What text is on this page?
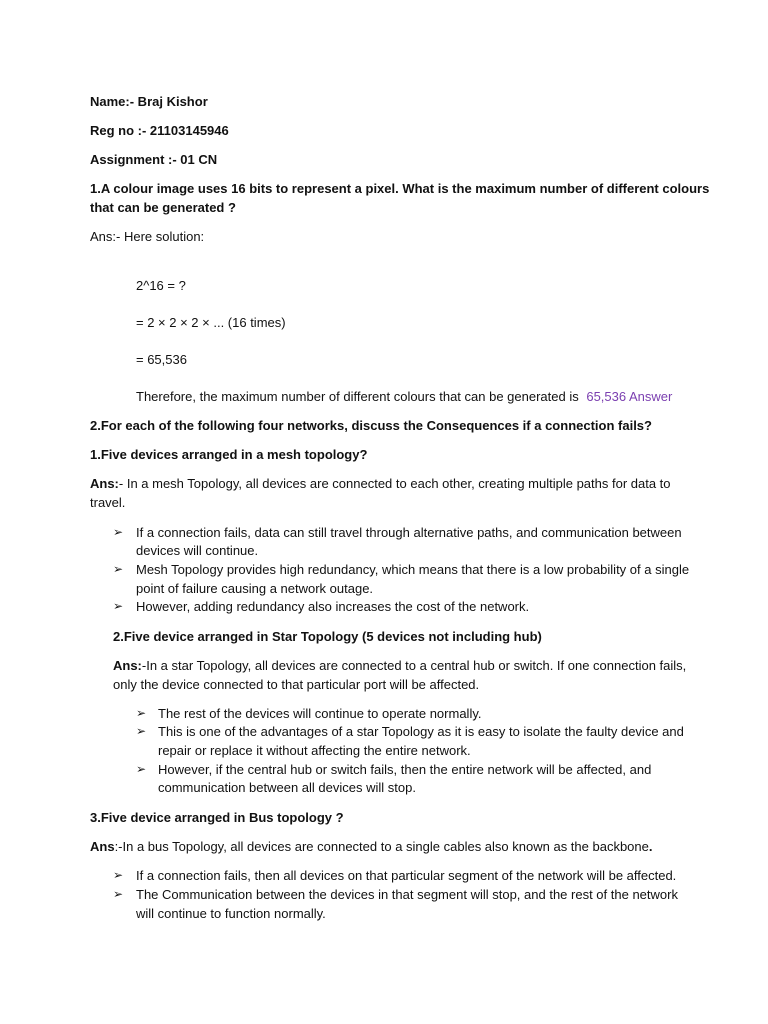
Name:- Braj Kishor
Reg no :- 21103145946
Assignment :- 01 CN
1.A colour image uses 16 bits to represent a pixel. What is the maximum number of different colours
that can be generated ?
Ans:- Here solution:
2^16 = ?
= 2 × 2 × 2 × ... (16 times)
= 65,536
Therefore, the maximum number of different colours that can be generated is 65,536 Answer
2.For each of the following four networks, discuss the Consequences if a connection fails?
1.Five devices arranged in a mesh topology?
Ans:- In a mesh Topology, all devices are connected to each other, creating multiple paths for data to
travel.
➢ If a connection fails, data can still travel through alternative paths, and communication between
devices will continue.
➢ Mesh Topology provides high redundancy, which means that there is a low probability of a single
point of failure causing a network outage.
➢ However, adding redundancy also increases the cost of the network.
2.Five device arranged in Star Topology (5 devices not including hub)
Ans:-In a star Topology, all devices are connected to a central hub or switch. If one connection fails,
only the device connected to that particular port will be affected.
➢ The rest of the devices will continue to operate normally.
➢ This is one of the advantages of a star Topology as it is easy to isolate the faulty device and
repair or replace it without affecting the entire network.
➢ However, if the central hub or switch fails, then the entire network will be affected, and
communication between all devices will stop.
3.Five device arranged in Bus topology ?
Ans:-In a bus Topology, all devices are connected to a single cables also known as the backbone.
➢ If a connection fails, then all devices on that particular segment of the network will be affected.
➢ The Communication between the devices in that segment will stop, and the rest of the network
will continue to function normally.
